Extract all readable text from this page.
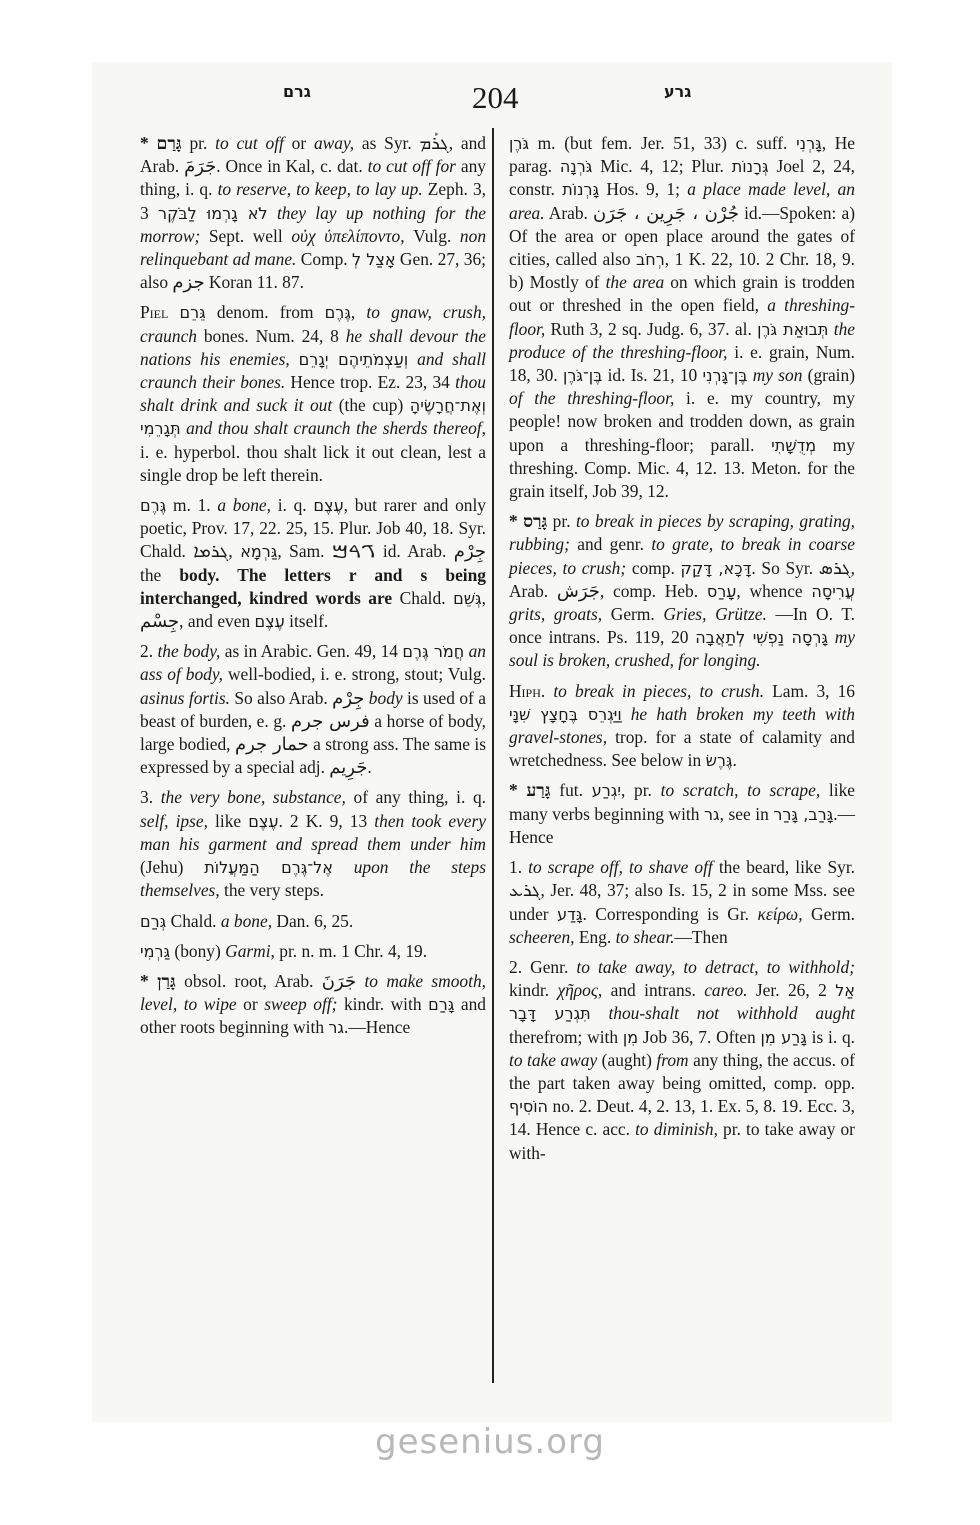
גרם	204	גרע

* גָּרַם pr. to cut off or away, as Syr. ܓܪܰܡ, and Arab. جَرَمَ. Once in Kal, c. dat. to cut off for any thing, i. q. to reserve, to keep, to lay up. Zeph. 3, 3 לֹא גָרְמוּ לַבֹּקֶר they lay up nothing for the morrow; Sept. well οὐχ ὑπελίποντο, Vulg. non relinquebant ad mane. Comp. אָצַל לְ Gen. 27, 36; also جزم Koran 11. 87.

Piel גֵּרֵם denom. from גֶּרֶם, to gnaw, crush, craunch bones. Num. 24, 8 he shall devour the nations his enemies, וְעַצְמֹתֵיהֶם יְגָרֵם and shall craunch their bones. Hence trop. Ez. 23, 34 thou shalt drink and suck it out (the cup) וְאֶת־חֲרָשֶׂיהָ תְּגָרֵמִי and thou shalt craunch the sherds thereof, i. e. hyperbol. thou shalt lick it out clean, lest a single drop be left therein.

גֶּרֶם m. 1. a bone, i. q. עֶצֶם, but rarer and only poetic, Prov. 17, 22. 25, 15. Plur. Job 40, 18. Syr. Chald. ܓܪܡܐ, גַּרְמָא, Sam. ࠂࠓࠌ id. Arab. جِرْم the body. The letters r and s being interchanged, kindred words are Chald. גְּשֵׁם, جِسْم, and even עֶצֶם itself.

2. the body, as in Arabic. Gen. 49, 14 חֲמֹר גֶּרֶם an ass of body, well-bodied, i. e. strong, stout; Vulg. asinus fortis. So also Arab. جِرْم body is used of a beast of burden, e. g. فرس جرم a horse of body, large bodied, حمار جرم a strong ass. The same is expressed by a special adj. جَرِيم.

3. the very bone, substance, of any thing, i. q. self, ipse, like עֶצֶם. 2 K. 9, 13 then took every man his garment and spread them under him (Jehu) אֶל־גֶּרֶם הַמַּעֲלוֹת upon the steps themselves, the very steps.

גְּרַם Chald. a bone, Dan. 6, 25.

גַּרְמִי (bony) Garmi, pr. n. m. 1 Chr. 4, 19.

* גָּרַן obsol. root, Arab. جَرَنَ to make smooth, level, to wipe or sweep off; kindr. with גָּרַם and other roots beginning with גר.—Hence

גֹּרֶן m. (but fem. Jer. 51, 33) c. suff. גָּרְנִי, He parag. גֹּרְנָה Mic. 4, 12; Plur. גְּרָנוֹת Joel 2, 24, constr. גָּרְנוֹת Hos. 9, 1; a place made level, an area. Arab. جُرْن ، جَرِين ، جَرَن id.—Spoken: a) Of the area or open place around the gates of cities, called also רְחֹב, 1 K. 22, 10. 2 Chr. 18, 9. b) Mostly of the area on which grain is trodden out or threshed in the open field, a threshing-floor, Ruth 3, 2 sq. Judg. 6, 37. al. תְּבוּאַת גֹּרֶן the produce of the threshing-floor, i. e. grain, Num. 18, 30. בֶּן־גֹּרֶן id. Is. 21, 10 בֶּן־גָּרְנִי my son (grain) of the threshing-floor, i. e. my country, my people! now broken and trodden down, as grain upon a threshing-floor; parall. מְדֻשָׁתִי my threshing. Comp. Mic. 4, 12. 13. Meton. for the grain itself, Job 39, 12.

* גָּרַס pr. to break in pieces by scraping, grating, rubbing; and genr. to grate, to break in coarse pieces, to crush; comp. דָּכָא, דָּקַק. So Syr. ܓܪܣ, Arab. جَرَش, comp. Heb. עָרַס, whence עֲרִיסָה grits, groats, Germ. Gries, Grütze. —In O. T. once intrans. Ps. 119, 20 גָּרְסָה נַפְשִׁי לְתַאֲבָה my soul is broken, crushed, for longing.

Hiph. to break in pieces, to crush. Lam. 3, 16 וַיַּגְרֵס בֶּחָצָץ שִׁנָּי he hath broken my teeth with gravel-stones, trop. for a state of calamity and wretchedness. See below in גֶּרֶשׂ.

* גָּרַע fut. יִגְרַע, pr. to scratch, to scrape, like many verbs beginning with גר, see in גָּרַב, גָּרַר.—Hence

1. to scrape off, to shave off the beard, like Syr. ܓܪܥ, Jer. 48, 37; also Is. 15, 2 in some Mss. see under גָּדַע. Corresponding is Gr. κείρω, Germ. scheeren, Eng. to shear.—Then

2. Genr. to take away, to detract, to withhold; kindr. χῆρος, and intrans. careo. Jer. 26, 2 אַל תִּגְרַע דָּבָר thou-shalt not withhold aught therefrom; with מִן Job 36, 7. Often גָּרַע מִן is i. q. to take away (aught) from any thing, the accus. of the part taken away being omitted, comp. opp. הוֹסִיף no. 2. Deut. 4, 2. 13, 1. Ex. 5, 8. 19. Ecc. 3, 14. Hence c. acc. to diminish, pr. to take away or with-

gesenius.org
